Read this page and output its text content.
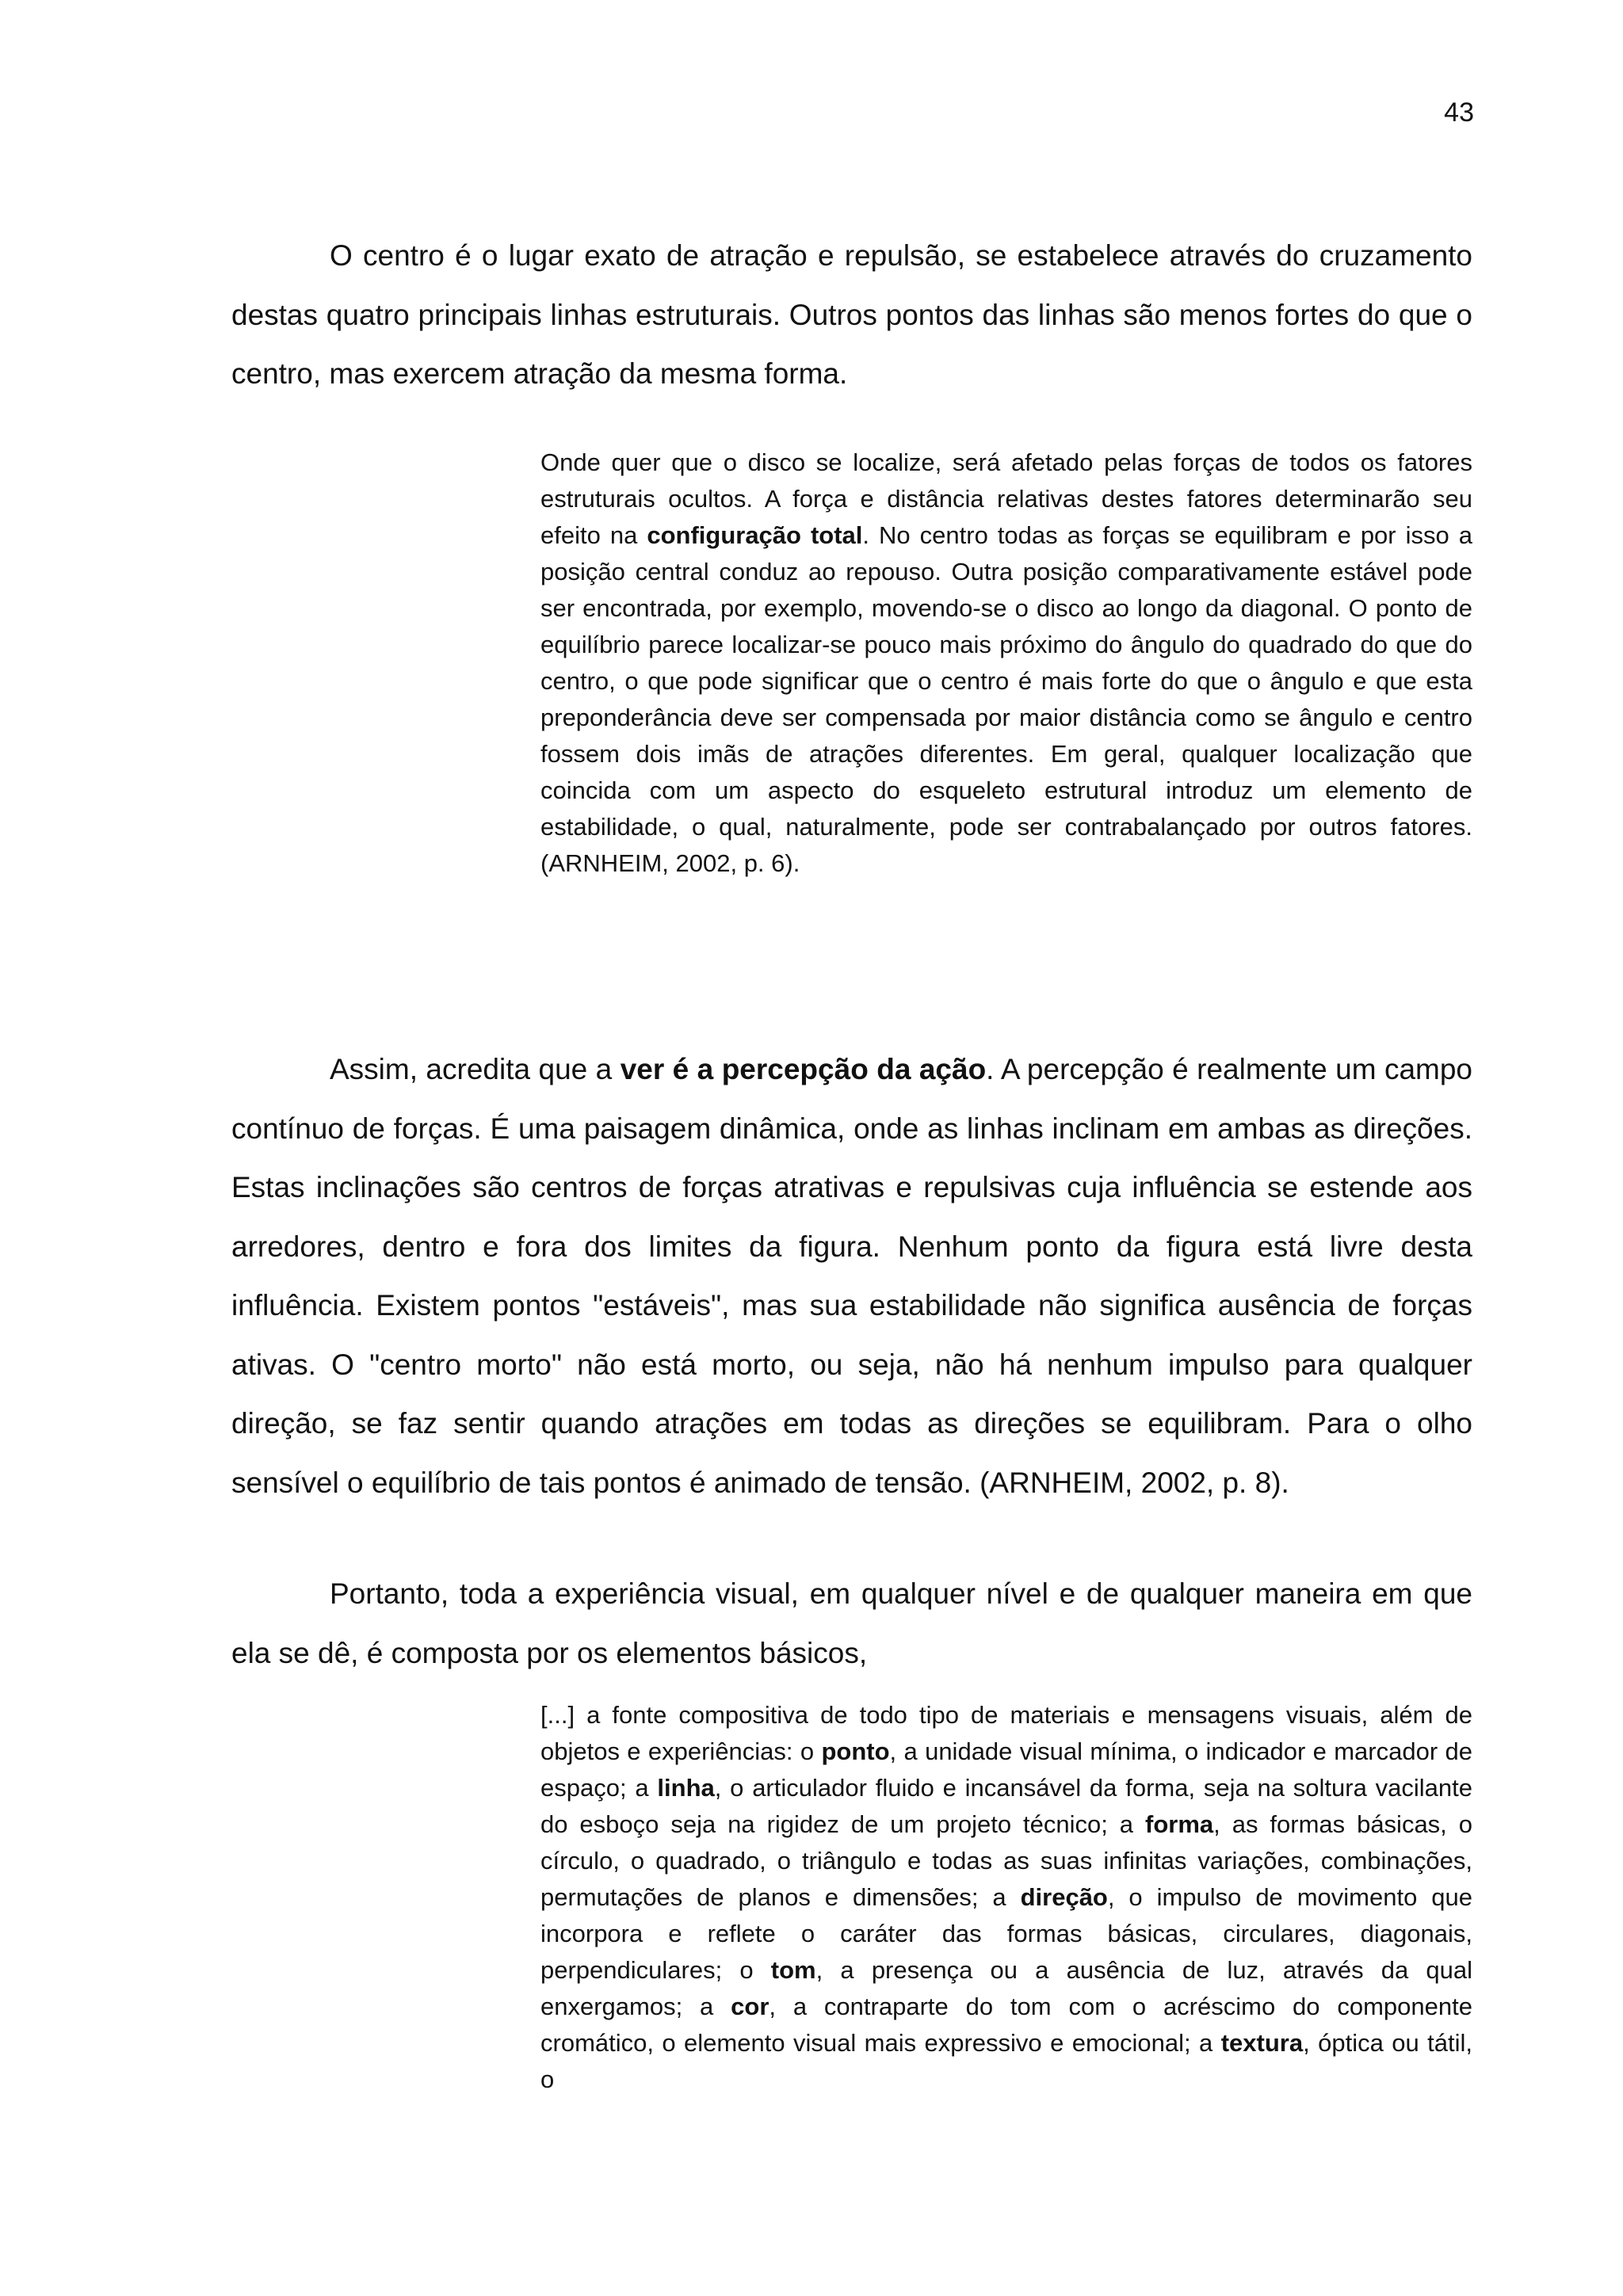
43

O centro é o lugar exato de atração e repulsão, se estabelece através do cruzamento destas quatro principais linhas estruturais. Outros pontos das linhas são menos fortes do que o centro, mas exercem atração da mesma forma.

Onde quer que o disco se localize, será afetado pelas forças de todos os fatores estruturais ocultos. A força e distância relativas destes fatores determinarão seu efeito na configuração total. No centro todas as forças se equilibram e por isso a posição central conduz ao repouso. Outra posição comparativamente estável pode ser encontrada, por exemplo, movendo-se o disco ao longo da diagonal. O ponto de equilíbrio parece localizar-se pouco mais próximo do ângulo do quadrado do que do centro, o que pode significar que o centro é mais forte do que o ângulo e que esta preponderância deve ser compensada por maior distância como se ângulo e centro fossem dois imãs de atrações diferentes. Em geral, qualquer localização que coincida com um aspecto do esqueleto estrutural introduz um elemento de estabilidade, o qual, naturalmente, pode ser contrabalançado por outros fatores. (ARNHEIM, 2002, p. 6).

Assim, acredita que a ver é a percepção da ação. A percepção é realmente um campo contínuo de forças. É uma paisagem dinâmica, onde as linhas inclinam em ambas as direções. Estas inclinações são centros de forças atrativas e repulsivas cuja influência se estende aos arredores, dentro e fora dos limites da figura. Nenhum ponto da figura está livre desta influência. Existem pontos "estáveis", mas sua estabilidade não significa ausência de forças ativas. O "centro morto" não está morto, ou seja, não há nenhum impulso para qualquer direção, se faz sentir quando atrações em todas as direções se equilibram. Para o olho sensível o equilíbrio de tais pontos é animado de tensão. (ARNHEIM, 2002, p. 8).

Portanto, toda a experiência visual, em qualquer nível e de qualquer maneira em que ela se dê, é composta por os elementos básicos,

[...] a fonte compositiva de todo tipo de materiais e mensagens visuais, além de objetos e experiências: o ponto, a unidade visual mínima, o indicador e marcador de espaço; a linha, o articulador fluido e incansável da forma, seja na soltura vacilante do esboço seja na rigidez de um projeto técnico; a forma, as formas básicas, o círculo, o quadrado, o triângulo e todas as suas infinitas variações, combinações, permutações de planos e dimensões; a direção, o impulso de movimento que incorpora e reflete o caráter das formas básicas, circulares, diagonais, perpendiculares; o tom, a presença ou a ausência de luz, através da qual enxergamos; a cor, a contraparte do tom com o acréscimo do componente cromático, o elemento visual mais expressivo e emocional; a textura, óptica ou tátil, o
